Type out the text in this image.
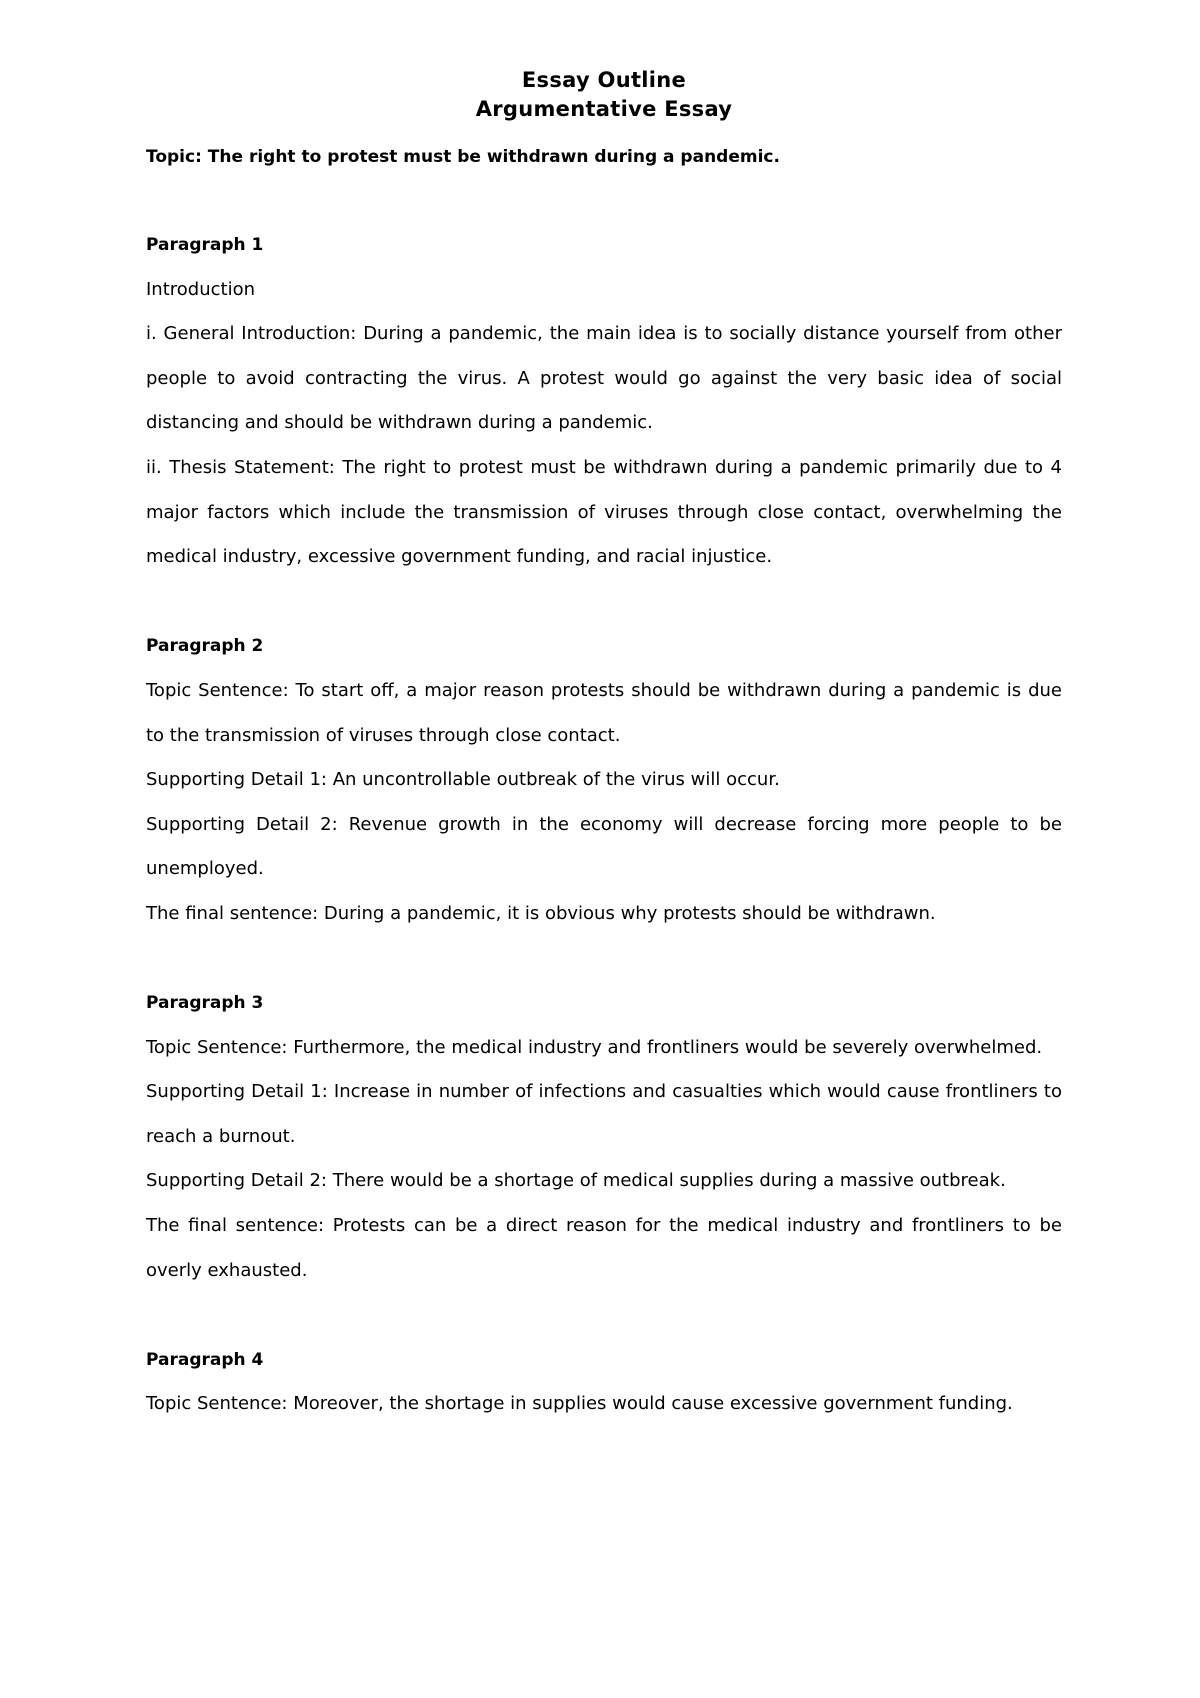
Essay Outline
Argumentative Essay
Topic: The right to protest must be withdrawn during a pandemic.
Paragraph 1
Introduction
i. General Introduction: During a pandemic, the main idea is to socially distance yourself from other people to avoid contracting the virus. A protest would go against the very basic idea of social distancing and should be withdrawn during a pandemic.
ii. Thesis Statement: The right to protest must be withdrawn during a pandemic primarily due to 4 major factors which include the transmission of viruses through close contact, overwhelming the medical industry, excessive government funding, and racial injustice.
Paragraph 2
Topic Sentence: To start off, a major reason protests should be withdrawn during a pandemic is due to the transmission of viruses through close contact.
Supporting Detail 1: An uncontrollable outbreak of the virus will occur.
Supporting Detail 2: Revenue growth in the economy will decrease forcing more people to be unemployed.
The final sentence: During a pandemic, it is obvious why protests should be withdrawn.
Paragraph 3
Topic Sentence: Furthermore, the medical industry and frontliners would be severely overwhelmed.
Supporting Detail 1: Increase in number of infections and casualties which would cause frontliners to reach a burnout.
Supporting Detail 2: There would be a shortage of medical supplies during a massive outbreak.
The final sentence: Protests can be a direct reason for the medical industry and frontliners to be overly exhausted.
Paragraph 4
Topic Sentence: Moreover, the shortage in supplies would cause excessive government funding.
